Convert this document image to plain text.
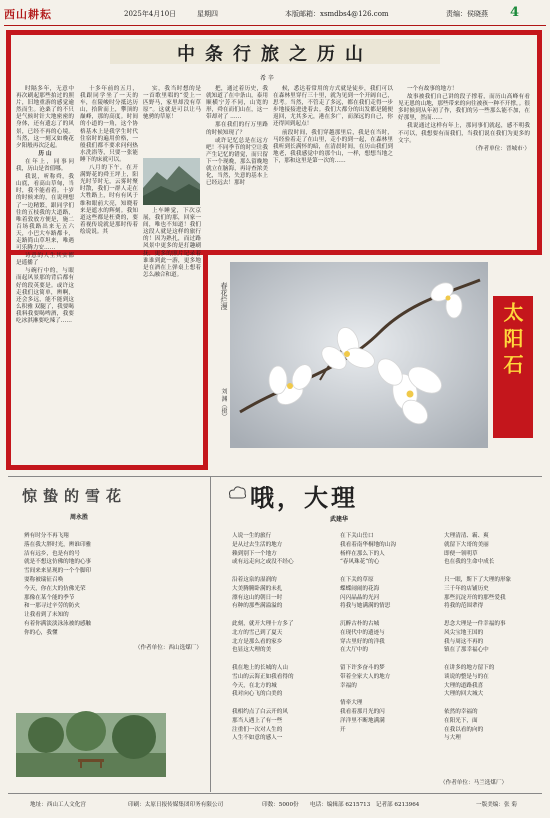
西山耕耘	2025年4月10日	星期四	本版邮箱：xsmdbs4@126.com	责编：侯晓燕 4
中条行旅之历山
希 辛

时隔多年，无意中再次刷起那些拍过的照片，旧地重游的感觉逾然而生。沧桑了的不只是气候时针大地密密的身体，还有遗忘了的风景，已经不再的心境。当然，这一刻又如晚花夕阳般再次泛起。

历 山

在年上，同事问我，历山是省值哪。

我说，听称舜，我山底，看高山草甸，当时，我不能看着。十岁的时候来的，在说理想了一边精繁，跟同学们往的五枝我的大道路，唯着敦放方便是，施二百场我路出来无五六天，小巴大车路都卡，走路简山草坦来，唯遇可乐腾力安……

诗意的人生其实都是遥播了

与碗行中的，与眼而起风景那的背后都有好的段英要是。或许这走我们这简单，辨啊，还会多远，能不能到这么积雅 双腿了，我要喝我料我要喝啤酒，我要吃冰淇淋要吃辣了……

十多年前的五月，我跟同学坐了一天的车，在陵峻时分抵达历山，拾阶而上，攀顶的巅峰，那的高度。时间的小道的一角，这个协格基木上是我学生时代住宿时的遍用价格，一般我们都不要求问何热水洗浴等，只要一张能睡下的床就可以。

八月的下午，在开满野花的舜王坪上，阳光时节时无，云雾时聚时散，我们一群人走在大牲路上，时有有风于维和眼前大亮，知晓着来是遮水的辉刻。我知道这些都是枉费的，要着视传说就是那时传着绘说说。其

实，我当时想的是一首歌里唱的“爱上一匹野马，家里却没有草原”。这就是可以让马驰骋的草原！

上车睡觉，下次京展，我们的那，回家一间，唯也不知道！我们这段人就是这样的旅行的！因为熟扎，而过路风景中更多的是打趣刷抚，更多的照片记录着谁谁到此一游，更多地是在酒在上弹桌上想着怎么融合和道。

把，通过着历史，我就知道了在中条山，泰用顺横宁芳不同，山宽的形，舜在而们山在，这一带却对了 ……

那在我们的行万里路的时候知现了？

或许记忆总是在远方吧！不同季节的时空让我产生记忆的错觉，而只留下一个现晚，那么留晚地就立在脑海，再诗查浓美化，当然，失意的基本上已经远去！那时

候，悉达着常用的方式就是徒步，我们可以在森林里穿行三十里，就为见到一个开阔自己，思考。当然，不管走了多远，都在我们走得一步步地接接进进着去。我们大都分的出发都是随便返回，尤其多元，港在多广，而深远的自己，你还得回到起点！

前段时间，我们穿越那里后，我是在当时，马经验着走了在山里，走小的到一起，在森林里我听到长满怀的暗，在清晨时间，在历山我们到地老，我我感觉中的那个山，一样，想想当地之下，那和这里是第一次的……

一个有故事的地方！

故事被我们自己讲的段子撑着，而历山高峰有看见无恩的山地，那些带来的向往被孩一种不开撑，。很多时候到从年初了作，我们的另一些那么能不加，在好那里，然而……

我说通过这样有年上，那同事们就起，感不明我不可以，我想要有而我们，当我们说在我们为更多的文字。

（作者单位：晋城市·）
春花烂漫
刘 渊（摄）
太阳石
惊蛰的雪花
周永胜
辨有时分不再飞翔
落在我大胖时光，辨谁印雅
洁有远乡，也是有的号
就是不想这仿佛的地的心事
雪间来来显现的一个个脚印
耍称被瑞征召唤
今天，你在大的仿佛光荣
那像在某个能的季节
和一那寻过辛劳的防火
让我看到了未知的
有着你满淡淡泳泳被的感触
你的心，我懂
（作者单位：西山选煤厂）
哦，大理
武建华
人说一生的旅行
是从过去生活的地方
赖到别下一个地方
或有远走向之或没不经心

沿着这泉的湿润的
大美腾腾卧满的未扎
漂有这山的朝日一时
有种的那些满溢溢的

此刻，就开大理十方多了
北方的雪己到了夏天
北方是那么看的家乡
也显这大理的美

我在地上的长城的人山
雪山的云海正如我看得的
今天，在北方的城
我对向心飞的白美的

我相约点了白云开的风
那当人遇上了有一些
注重们一次对人生的
人生不如意的感人一
在下关山岳口
我看着南华桐地的山沟
杨样在那么下的人
“春风珠花“的心

在下关的草原
蝶蝶闹闹的花海
闪闪晶晶的光河
将我与她满满的情思

沉醉古朴的古城
在现代中的遗迹与
穿古里好的的洋我
在大厅中的

留下许多奋斗的梦
带着全家大人的地方
幸福的

情牵大理
我看着那月光的闪
洋洋里不断地满满
开
大理清清、霸、爽
就留下大哥的美丽
即便一领明草
也在我的生命中成长

只一眼，斯下了大理的形象
三千年的店铺历史
那些沉淀开的的那些爱我
将我的范围辈得

思念大理是一件幸福的事
风尖宝地王国的
我与周这不再的
镇在了那幸福心中

在讲多的地方留下的
谈说的整是与的在
大理的道路我喜
大理的回大城大

依然的幸福的
在阳光下，面
在我以看的向的
与大理
（作者单位：马兰选煤厂）
地址：西山工人文化宫	印刷：太原日报传媒集团印务有限公司	印数：5000份 电话：编辑部 6215713　记者部 6213964	一版美编：张 菊
